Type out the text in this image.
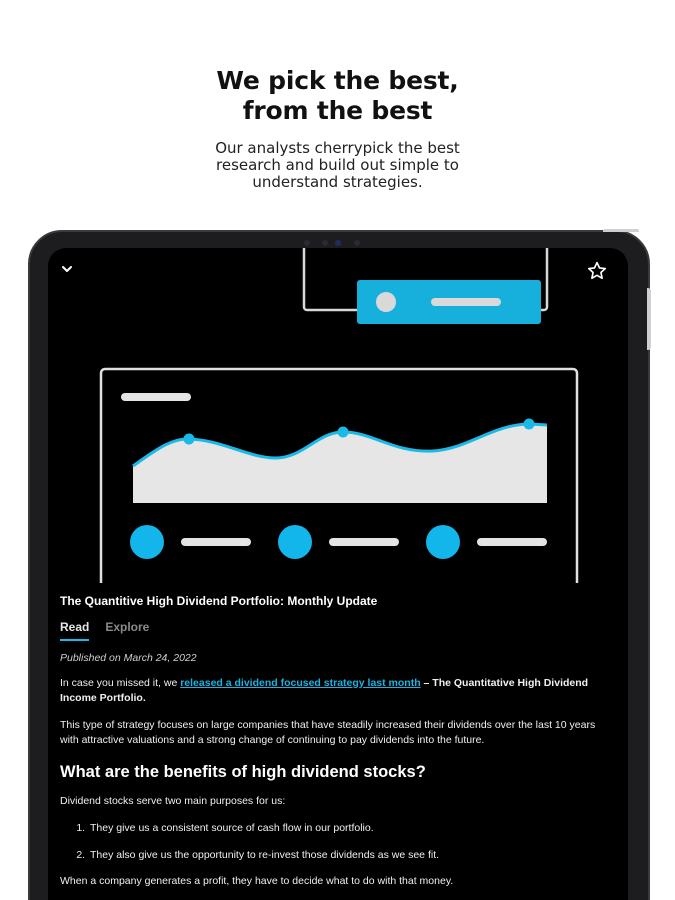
We pick the best,
from the best
Our analysts cherrypick the best
research and build out simple to
understand strategies.
The Quantitive High Dividend Portfolio: Monthly Update
Read Explore
Published on March 24, 2022

In case you missed it, we released a dividend focused strategy last month – The Quantitative High Dividend Income Portfolio.

This type of strategy focuses on large companies that have steadily increased their dividends over the last 10 years with attractive valuations and a strong change of continuing to pay dividends into the future.

What are the benefits of high dividend stocks?

Dividend stocks serve two main purposes for us:

1. They give us a consistent source of cash flow in our portfolio.
2. They also give us the opportunity to re-invest those dividends as we see fit.

When a company generates a profit, they have to decide what to do with that money.
